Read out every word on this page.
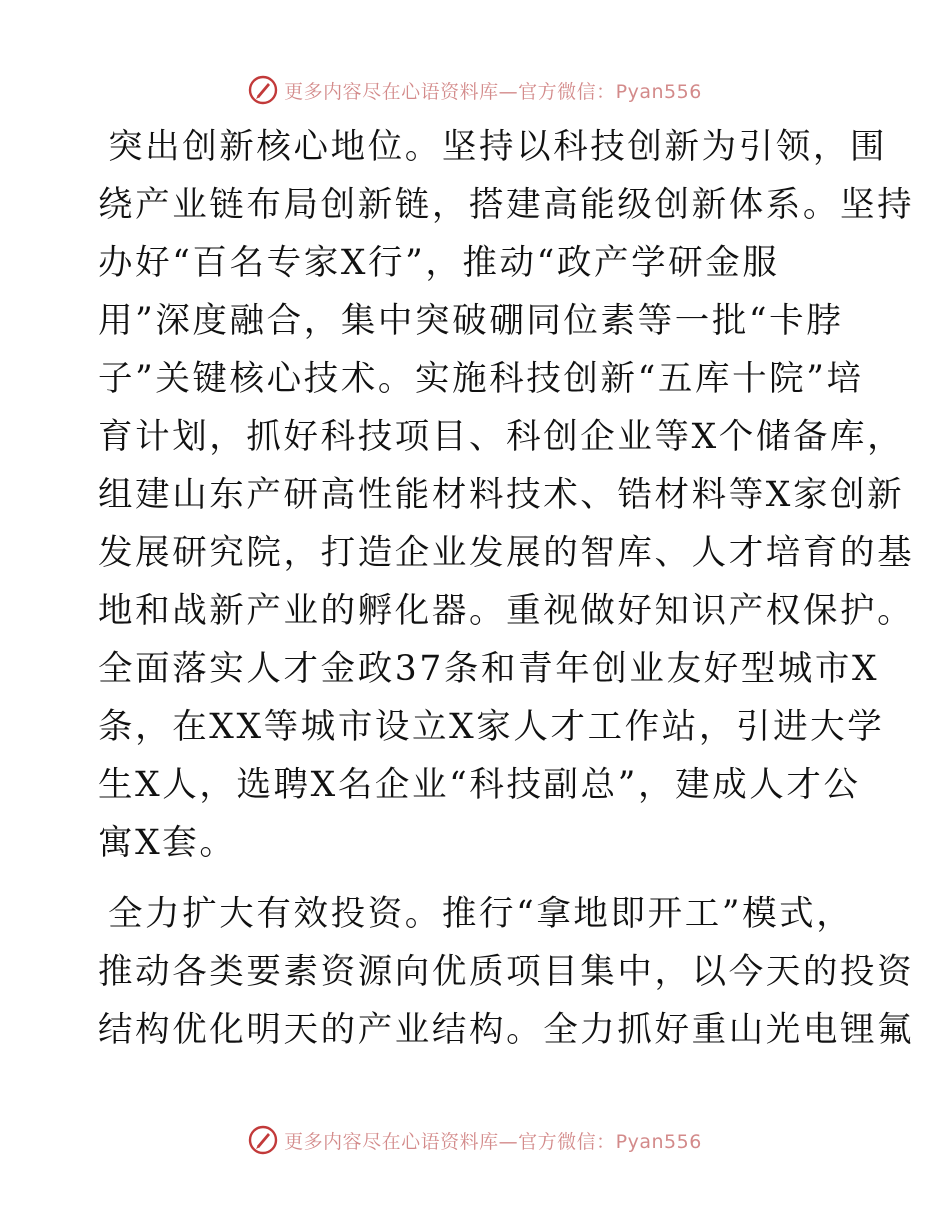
更多内容尽在心语资料库—官方微信：Pyan556

突出创新核心地位。坚持以科技创新为引领，围
绕产业链布局创新链，搭建高能级创新体系。坚持
办好“百名专家X行”，推动“政产学研金服
用”深度融合，集中突破硼同位素等一批“卡脖
子”关键核心技术。实施科技创新“五库十院”培
育计划，抓好科技项目、科创企业等X个储备库，
组建山东产研高性能材料技术、锆材料等X家创新
发展研究院，打造企业发展的智库、人才培育的基
地和战新产业的孵化器。重视做好知识产权保护。
全面落实人才金政37条和青年创业友好型城市X
条，在XX等城市设立X家人才工作站，引进大学
生X人，选聘X名企业“科技副总”，建成人才公
寓X套。

全力扩大有效投资。推行“拿地即开工”模式，
推动各类要素资源向优质项目集中，以今天的投资
结构优化明天的产业结构。全力抓好重山光电锂氟

更多内容尽在心语资料库—官方微信：Pyan556
